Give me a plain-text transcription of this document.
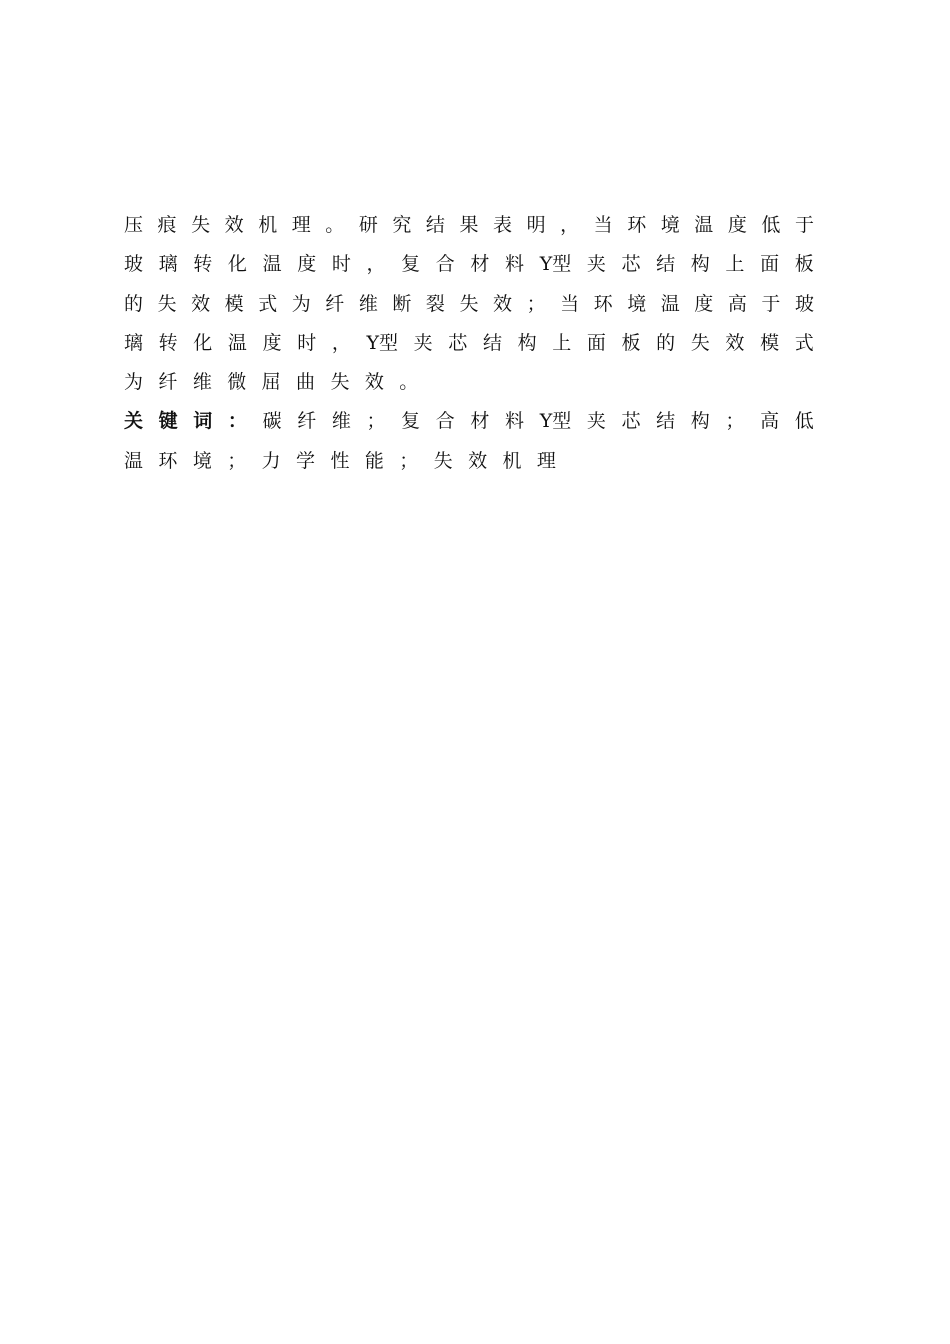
压 痕 失 效 机 理 。 研 究 结 果 表 明 ， 当 环 境 温 度 低 于
玻 璃 转 化 温 度 时 ， 复 合 材 料 Y型 夹 芯 结 构 上 面 板
的 失 效 模 式 为 纤 维 断 裂 失 效 ； 当 环 境 温 度 高 于 玻
璃 转 化 温 度 时 ， Y型 夹 芯 结 构 上 面 板 的 失 效 模 式
为 纤 维 微 屈 曲 失 效 。
关 键 词 ： 碳 纤 维 ； 复 合 材 料 Y型 夹 芯 结 构 ； 高 低
温 环 境 ； 力 学 性 能 ； 失 效 机 理
